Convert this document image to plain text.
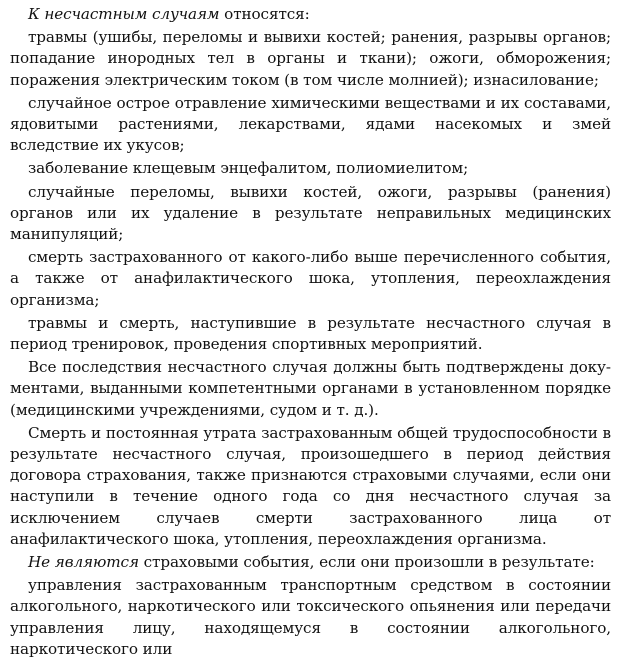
К несчастным случаям относятся:

травмы (ушибы, переломы и вывихи костей; ранения, разрывы органов; попадание инородных тел в органы и ткани); ожоги, обморожения; поражения электрическим током (в том числе молнией); изнасилование;

случайное острое отравление химическими веществами и их составами, ядовитыми растениями, лекарствами, ядами насекомых и змей вследствие их укусов;

заболевание клещевым энцефалитом, полиомиелитом;

случайные переломы, вывихи костей, ожоги, разрывы (ранения) органов или их удаление в результате неправильных медицинских манипуляций;

смерть застрахованного от какого-либо выше перечисленного события, а также от анафилактического шока, утопления, переохлаждения организма;

травмы и смерть, наступившие в результате несчастного случая в период тренировок, проведения спортивных мероприятий.

Все последствия несчастного случая должны быть подтверждены документами, выданными компетентными органами в установленном порядке (медицинскими учреждениями, судом и т. д.).

Смерть и постоянная утрата застрахованным общей трудоспособности в результате несчастного случая, произошедшего в период действия договора страхования, также признаются страховыми случаями, если они наступили в течение одного года со дня несчастного случая за исключением случаев смерти застрахованного лица от анафилактического шока, утопления, переохлаждения организма.

Не являются страховыми события, если они произошли в результате:

управления застрахованным транспортным средством в состоянии алкогольного, наркотического или токсического опьянения или передачи управления лицу, находящемуся в состоянии алкогольного, наркотического или
